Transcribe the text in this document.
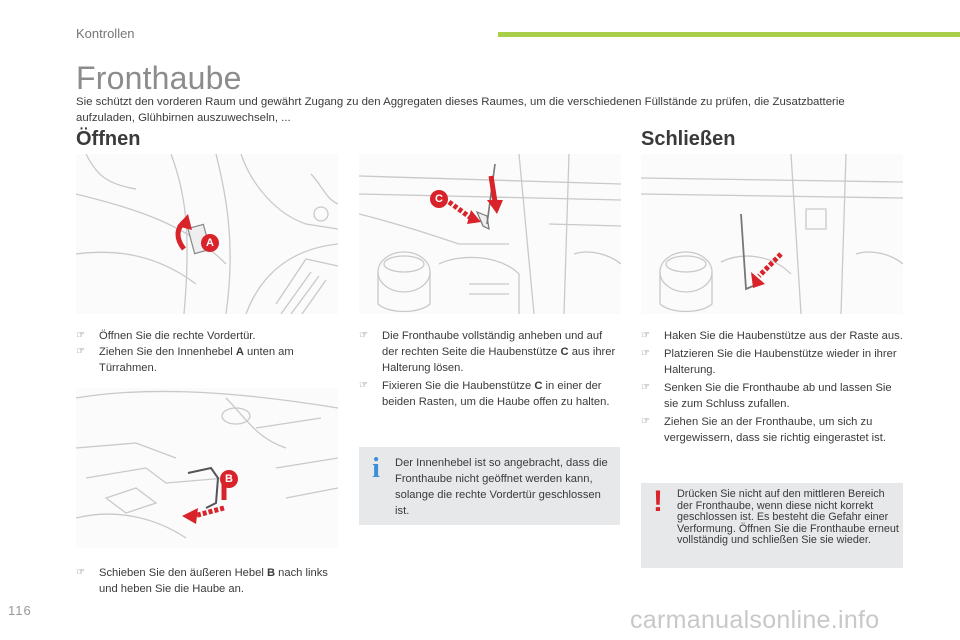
Kontrollen
Fronthaube
Sie schützt den vorderen Raum und gewährt Zugang zu den Aggregaten dieses Raumes, um die verschiedenen Füllstände zu prüfen, die Zusatzbatterie aufzuladen, Glühbirnen auszuwechseln, ...
Öffnen	Schließen
A
C
B
☞ Öffnen Sie die rechte Vordertür.
☞ Ziehen Sie den Innenhebel A unten am Türrahmen.
☞ Schieben Sie den äußeren Hebel B nach links und heben Sie die Haube an.
☞ Die Fronthaube vollständig anheben und auf der rechten Seite die Haubenstütze C aus ihrer Halterung lösen.
☞ Fixieren Sie die Haubenstütze C in einer der beiden Rasten, um die Haube offen zu halten.
i Der Innenhebel ist so angebracht, dass die Fronthaube nicht geöffnet werden kann, solange die rechte Vordertür geschlossen ist.
☞ Haken Sie die Haubenstütze aus der Raste aus.
☞ Platzieren Sie die Haubenstütze wieder in ihrer Halterung.
☞ Senken Sie die Fronthaube ab und lassen Sie sie zum Schluss zufallen.
☞ Ziehen Sie an der Fronthaube, um sich zu vergewissern, dass sie richtig eingerastet ist.
! Drücken Sie nicht auf den mittleren Bereich der Fronthaube, wenn diese nicht korrekt geschlossen ist. Es besteht die Gefahr einer Verformung. Öffnen Sie die Fronthaube erneut vollständig und schließen Sie sie wieder.
116	carmanualsonline.info
